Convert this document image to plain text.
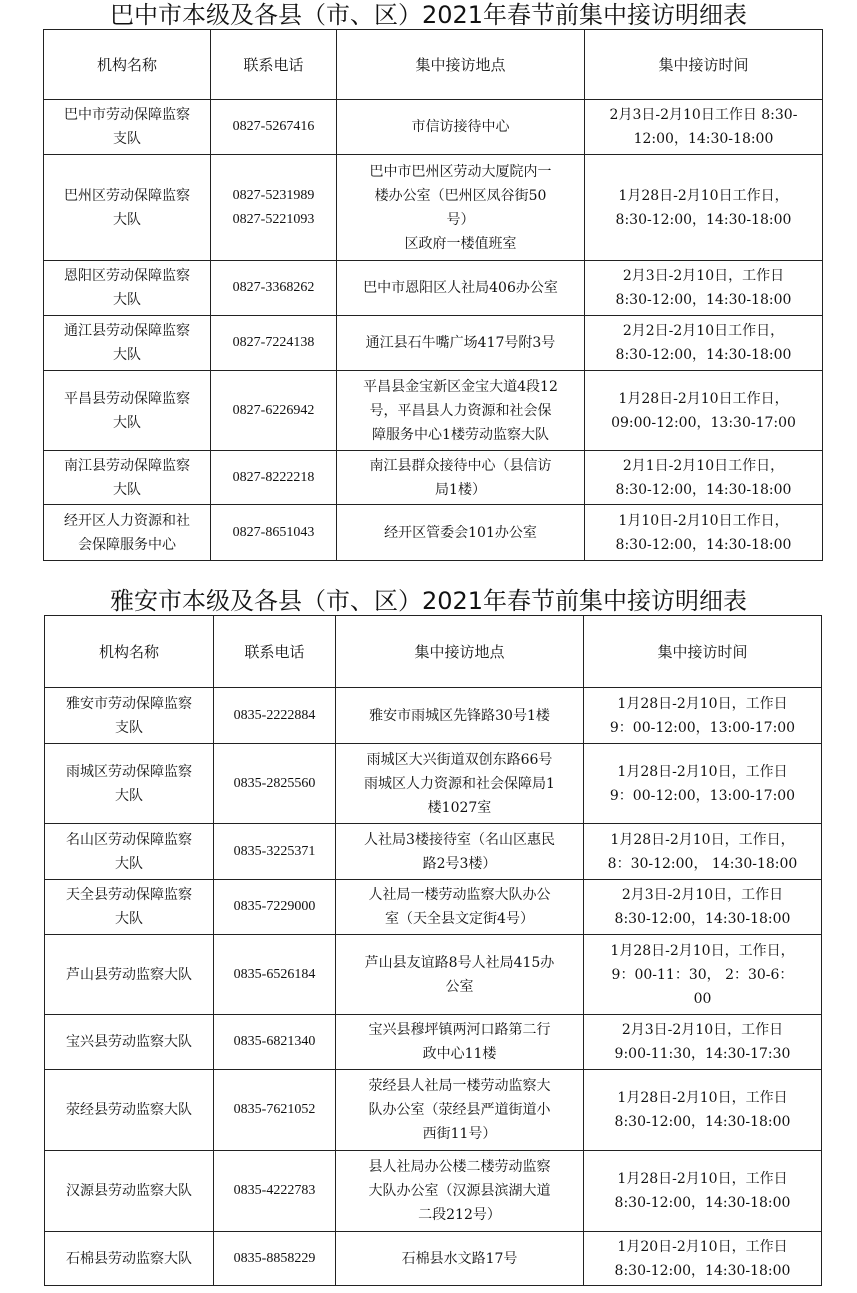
巴中市本级及各县（市、区）2021年春节前集中接访明细表
机构名称	联系电话	集中接访地点	集中接访时间
巴中市劳动保障监察
支队	0827-5267416	市信访接待中心	2月3日-2月10日工作日 8:30-
12:00，14:30-18:00
巴州区劳动保障监察
大队	0827-5231989
0827-5221093	巴中市巴州区劳动大厦院内一
楼办公室（巴州区凤谷街50
号）
区政府一楼值班室	1月28日-2月10日工作日，
8:30-12:00，14:30-18:00
恩阳区劳动保障监察
大队	0827-3368262	巴中市恩阳区人社局406办公室	2月3日-2月10日，工作日
8:30-12:00，14:30-18:00
通江县劳动保障监察
大队	0827-7224138	通江县石牛嘴广场417号附3号	2月2日-2月10日工作日，
8:30-12:00，14:30-18:00
平昌县劳动保障监察
大队	0827-6226942	平昌县金宝新区金宝大道4段12
号，平昌县人力资源和社会保
障服务中心1楼劳动监察大队	1月28日-2月10日工作日，
09:00-12:00，13:30-17:00
南江县劳动保障监察
大队	0827-8222218	南江县群众接待中心（县信访
局1楼）	2月1日-2月10日工作日，
8:30-12:00，14:30-18:00
经开区人力资源和社
会保障服务中心	0827-8651043	经开区管委会101办公室	1月10日-2月10日工作日，
8:30-12:00，14:30-18:00
雅安市本级及各县（市、区）2021年春节前集中接访明细表
机构名称	联系电话	集中接访地点	集中接访时间
雅安市劳动保障监察
支队	0835-2222884	雅安市雨城区先锋路30号1楼	1月28日-2月10日，工作日
9：00-12:00，13:00-17:00
雨城区劳动保障监察
大队	0835-2825560	雨城区大兴街道双创东路66号
雨城区人力资源和社会保障局1
楼1027室	1月28日-2月10日，工作日
9：00-12:00，13:00-17:00
名山区劳动保障监察
大队	0835-3225371	人社局3楼接待室（名山区惠民
路2号3楼）	1月28日-2月10日，工作日，
8：30-12:00， 14:30-18:00
天全县劳动保障监察
大队	0835-7229000	人社局一楼劳动监察大队办公
室（天全县文定街4号）	2月3日-2月10日，工作日
8:30-12:00，14:30-18:00
芦山县劳动监察大队	0835-6526184	芦山县友谊路8号人社局415办
公室	1月28日-2月10日，工作日，
9：00-11：30， 2：30-6：
00
宝兴县劳动监察大队	0835-6821340	宝兴县穆坪镇两河口路第二行
政中心11楼	2月3日-2月10日，工作日
9:00-11:30，14:30-17:30
荥经县劳动监察大队	0835-7621052	荥经县人社局一楼劳动监察大
队办公室（荥经县严道街道小
西街11号）	1月28日-2月10日，工作日
8:30-12:00，14:30-18:00
汉源县劳动监察大队	0835-4222783	县人社局办公楼二楼劳动监察
大队办公室（汉源县滨湖大道
二段212号）	1月28日-2月10日，工作日
8:30-12:00，14:30-18:00
石棉县劳动监察大队	0835-8858229	石棉县水文路17号	1月20日-2月10日，工作日
8:30-12:00，14:30-18:00
